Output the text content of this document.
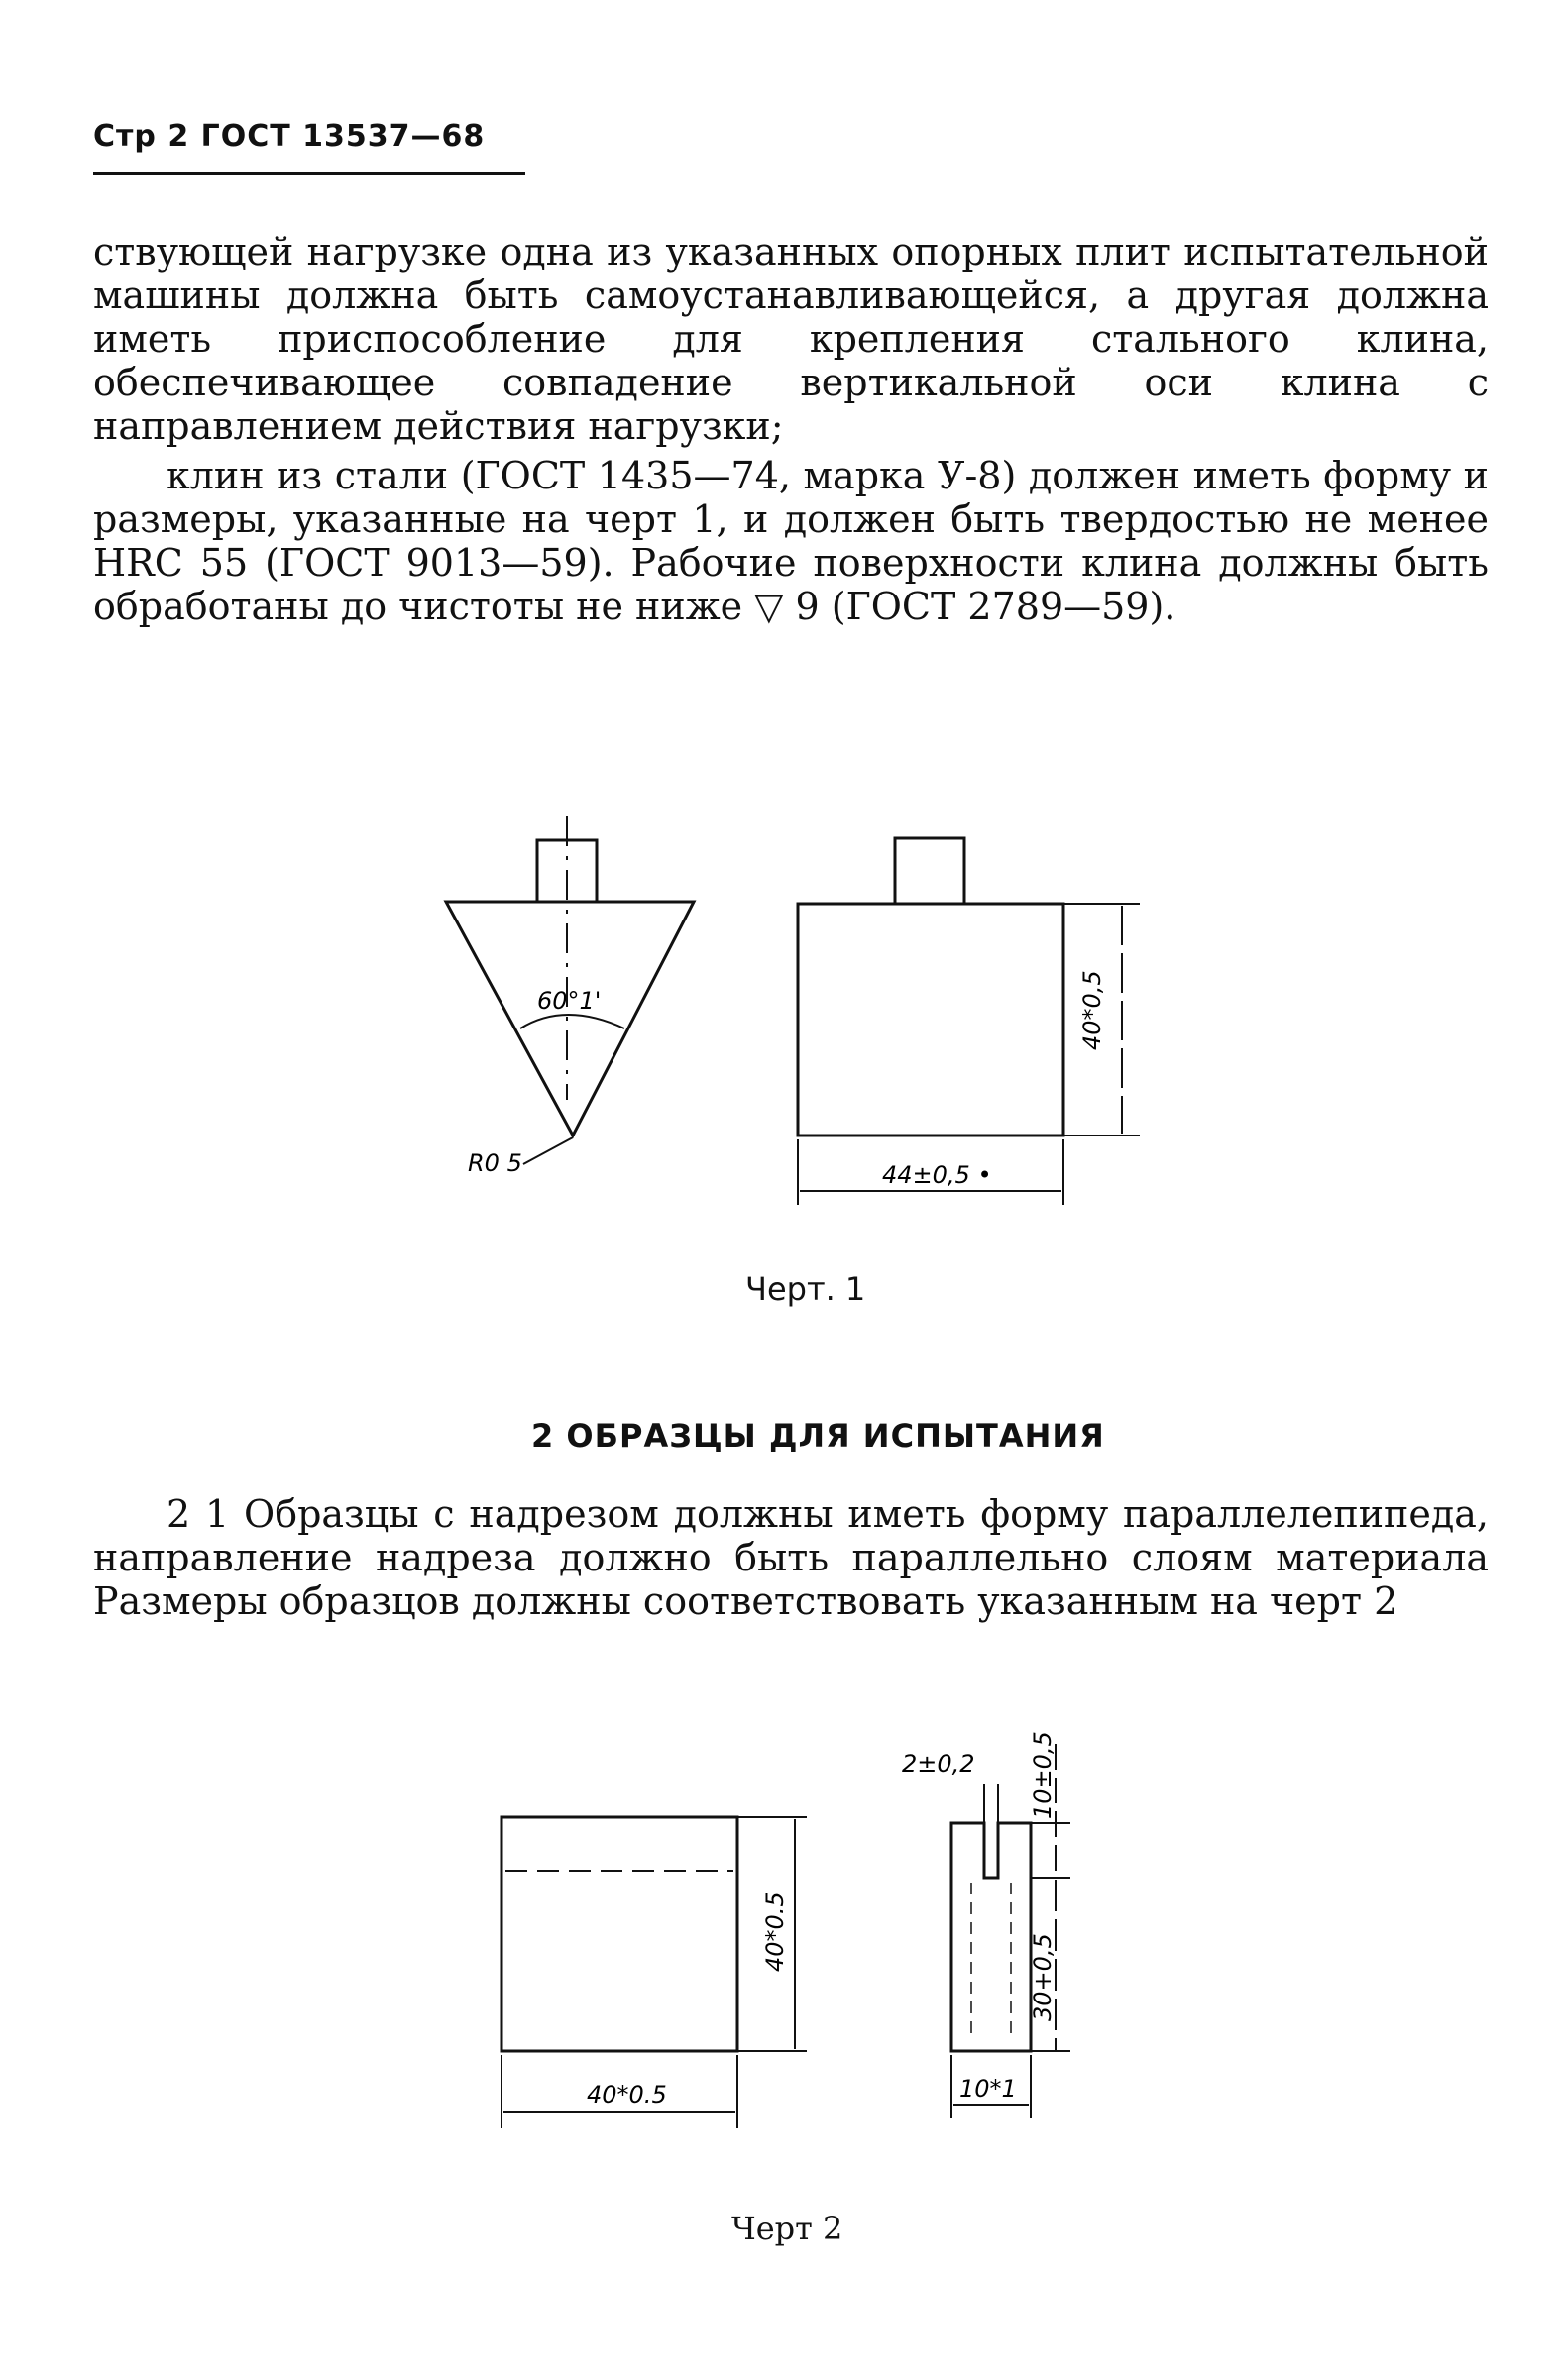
Стр 2 ГОСТ 13537—68

ствующей нагрузке одна из указанных опорных плит испытательной машины должна быть самоустанавливающейся, а другая должна иметь приспособление для крепления стального клина, обеспечивающее совпадение вертикальной оси клина с направлением действия нагрузки;

клин из стали (ГОСТ 1435—74, марка У-8) должен иметь форму и размеры, указанные на черт 1, и должен быть твердостью не менее HRC 55 (ГОСТ 9013—59). Рабочие поверхности клина должны быть обработаны до чистоты не ниже ▽ 9 (ГОСТ 2789—59).

60°1'
R0 5
40*0,5
44±0,5 •
Черт. 1
2 ОБРАЗЦЫ ДЛЯ ИСПЫТАНИЯ

2 1 Образцы с надрезом должны иметь форму параллелепипеда, направление надреза должно быть параллельно слоям материала Размеры образцов должны соответствовать указанным на черт 2

40*0.5
40*0.5
2±0,2 10±0,5
30+0,5
10*1
Черт 2
